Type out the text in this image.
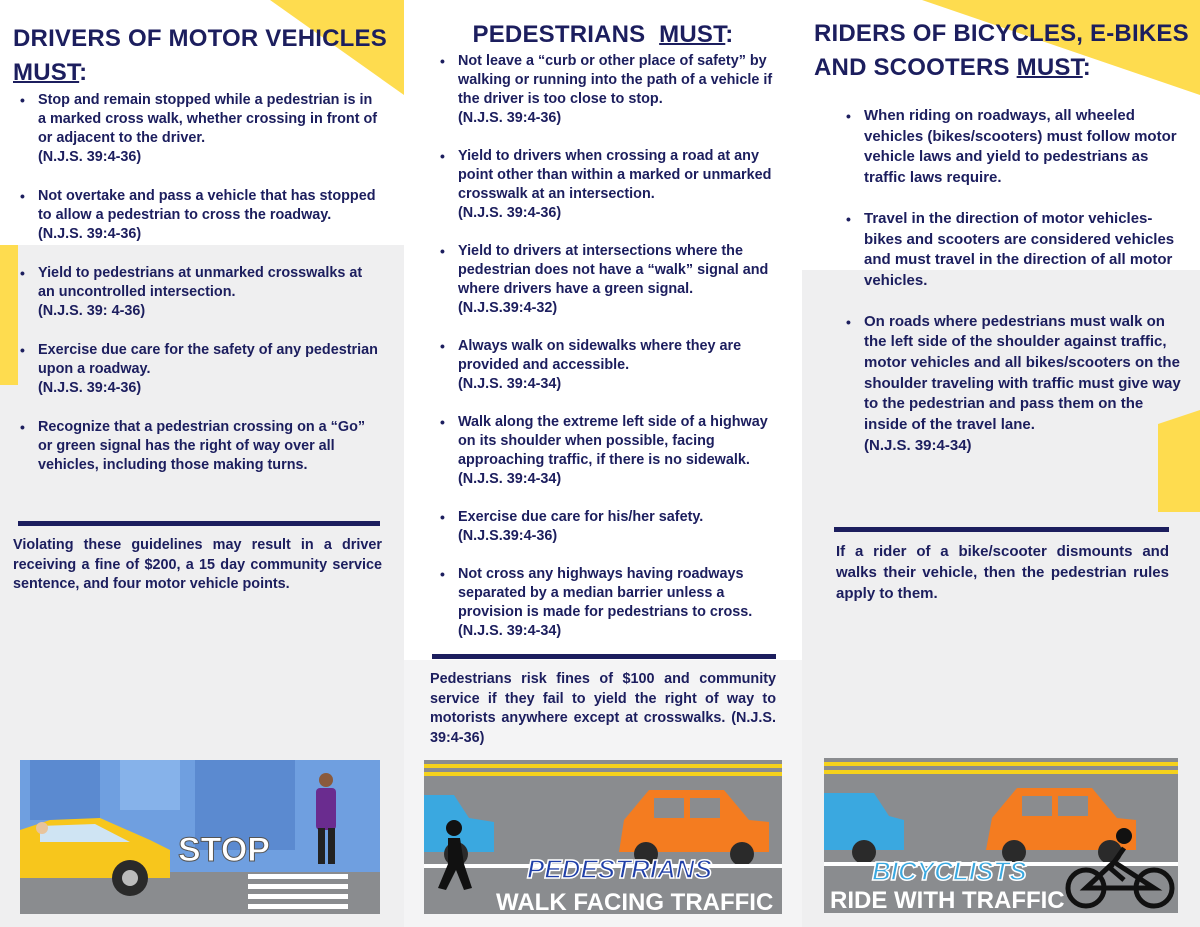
DRIVERS OF MOTOR VEHICLES MUST:
• Stop and remain stopped while a pedestrian is in a marked cross walk, whether crossing in front of or adjacent to the driver.
(N.J.S. 39:4-36)
• Not overtake and pass a vehicle that has stopped to allow a pedestrian to cross the roadway.
(N.J.S. 39:4-36)
• Yield to pedestrians at unmarked crosswalks at an uncontrolled intersection.
(N.J.S. 39: 4-36)
• Exercise due care for the safety of any pedestrian upon a roadway.
(N.J.S. 39:4-36)
• Recognize that a pedestrian crossing on a “Go” or green signal has the right of way over all vehicles, including those making turns.
Violating these guidelines may result in a driver receiving a fine of $200, a 15 day community service sentence, and four motor vehicle points.
STOP
PEDESTRIANS MUST:
• Not leave a “curb or other place of safety” by walking or running into the path of a vehicle if the driver is too close to stop.
(N.J.S. 39:4-36)
• Yield to drivers when crossing a road at any point other than within a marked or unmarked crosswalk at an intersection.
(N.J.S. 39:4-36)
• Yield to drivers at intersections where the pedestrian does not have a “walk” signal and where drivers have a green signal.
(N.J.S.39:4-32)
• Always walk on sidewalks where they are provided and accessible.
(N.J.S. 39:4-34)
• Walk along the extreme left side of a highway on its shoulder when possible, facing approaching traffic, if there is no sidewalk.
(N.J.S. 39:4-34)
• Exercise due care for his/her safety.
(N.J.S.39:4-36)
• Not cross any highways having roadways separated by a median barrier unless a provision is made for pedestrians to cross.
(N.J.S. 39:4-34)
Pedestrians risk fines of $100 and community service if they fail to yield the right of way to motorists anywhere except at crosswalks. (N.J.S. 39:4-36)
PEDESTRIANS
WALK FACING TRAFFIC
RIDERS OF BICYCLES, E-BIKES
AND SCOOTERS MUST:
• When riding on roadways, all wheeled vehicles (bikes/scooters) must follow motor vehicle laws and yield to pedestrians as traffic laws require.
• Travel in the direction of motor vehicles-bikes and scooters are considered vehicles and must travel in the direction of all motor vehicles.
• On roads where pedestrians must walk on the left side of the shoulder against traffic, motor vehicles and all bikes/scooters on the shoulder traveling with traffic must give way to the pedestrian and pass them on the inside of the travel lane.
(N.J.S. 39:4-34)
If a rider of a bike/scooter dismounts and walks their vehicle, then the pedestrian rules apply to them.
BICYCLISTS
RIDE WITH TRAFFIC
